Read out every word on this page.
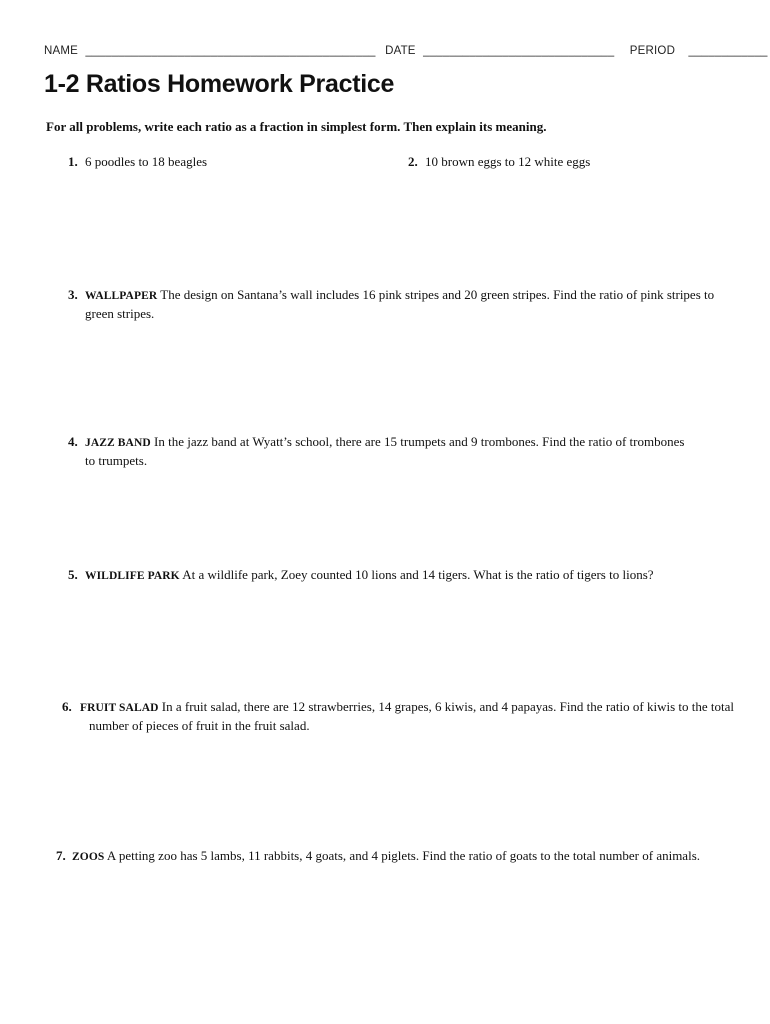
NAME ____________________________________________ DATE _____________________________ PERIOD ____________
1-2 Ratios Homework Practice
For all problems, write each ratio as a fraction in simplest form. Then explain its meaning.
1. 6 poodles to 18 beagles	2. 10 brown eggs to 12 white eggs
3. WALLPAPER The design on Santana’s wall includes 16 pink stripes and 20 green stripes. Find the ratio of pink stripes to green stripes.
4. JAZZ BAND In the jazz band at Wyatt’s school, there are 15 trumpets and 9 trombones. Find the ratio of trombones to trumpets.
5. WILDLIFE PARK At a wildlife park, Zoey counted 10 lions and 14 tigers. What is the ratio of tigers to lions?
6. FRUIT SALAD In a fruit salad, there are 12 strawberries, 14 grapes, 6 kiwis, and 4 papayas. Find the ratio of kiwis to the total number of pieces of fruit in the fruit salad.
7. ZOOS A petting zoo has 5 lambs, 11 rabbits, 4 goats, and 4 piglets. Find the ratio of goats to the total number of animals.
